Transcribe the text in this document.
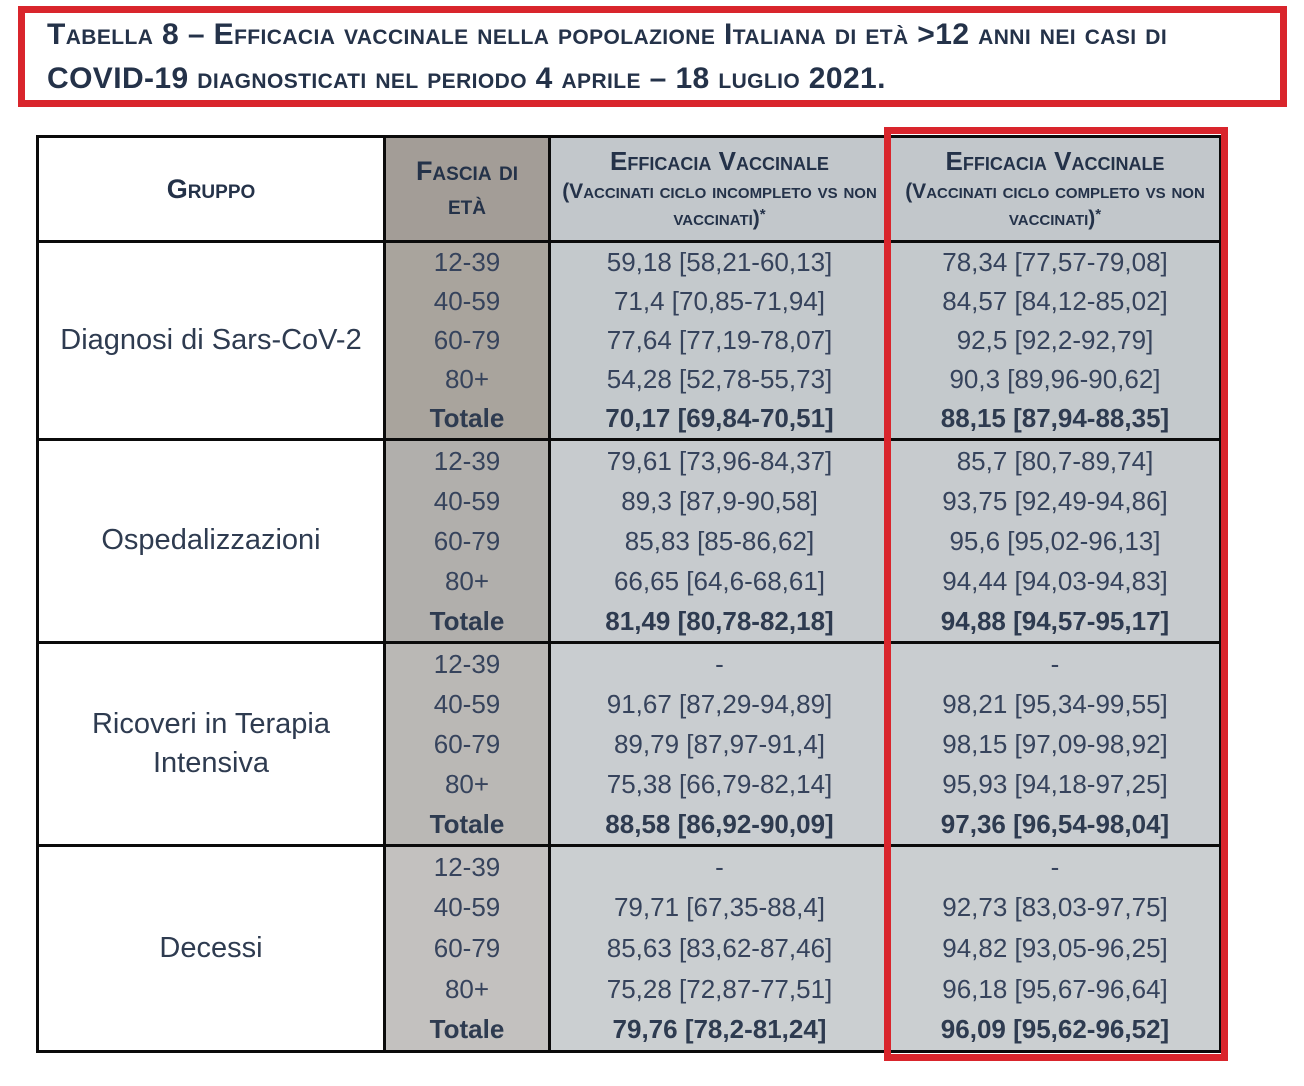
Tabella 8 – Efficacia vaccinale nella popolazione Italiana di età >12 anni nei casi di COVID-19 diagnosticati nel periodo 4 aprile – 18 luglio 2021.
Gruppo
Fascia di età
Efficacia Vaccinale
(Vaccinati ciclo incompleto vs non vaccinati)*
Efficacia Vaccinale
(Vaccinati ciclo completo vs non vaccinati)*
Diagnosi di Sars-CoV-2
12-39
40-59
60-79
80+
Totale
59,18 [58,21-60,13]
71,4 [70,85-71,94]
77,64 [77,19-78,07]
54,28 [52,78-55,73]
70,17 [69,84-70,51]
78,34 [77,57-79,08]
84,57 [84,12-85,02]
92,5 [92,2-92,79]
90,3 [89,96-90,62]
88,15 [87,94-88,35]
Ospedalizzazioni
12-39
40-59
60-79
80+
Totale
79,61 [73,96-84,37]
89,3 [87,9-90,58]
85,83 [85-86,62]
66,65 [64,6-68,61]
81,49 [80,78-82,18]
85,7 [80,7-89,74]
93,75 [92,49-94,86]
95,6 [95,02-96,13]
94,44 [94,03-94,83]
94,88 [94,57-95,17]
Ricoveri in Terapia Intensiva
12-39
40-59
60-79
80+
Totale
-
91,67 [87,29-94,89]
89,79 [87,97-91,4]
75,38 [66,79-82,14]
88,58 [86,92-90,09]
-
98,21 [95,34-99,55]
98,15 [97,09-98,92]
95,93 [94,18-97,25]
97,36 [96,54-98,04]
Decessi
12-39
40-59
60-79
80+
Totale
-
79,71 [67,35-88,4]
85,63 [83,62-87,46]
75,28 [72,87-77,51]
79,76 [78,2-81,24]
-
92,73 [83,03-97,75]
94,82 [93,05-96,25]
96,18 [95,67-96,64]
96,09 [95,62-96,52]
